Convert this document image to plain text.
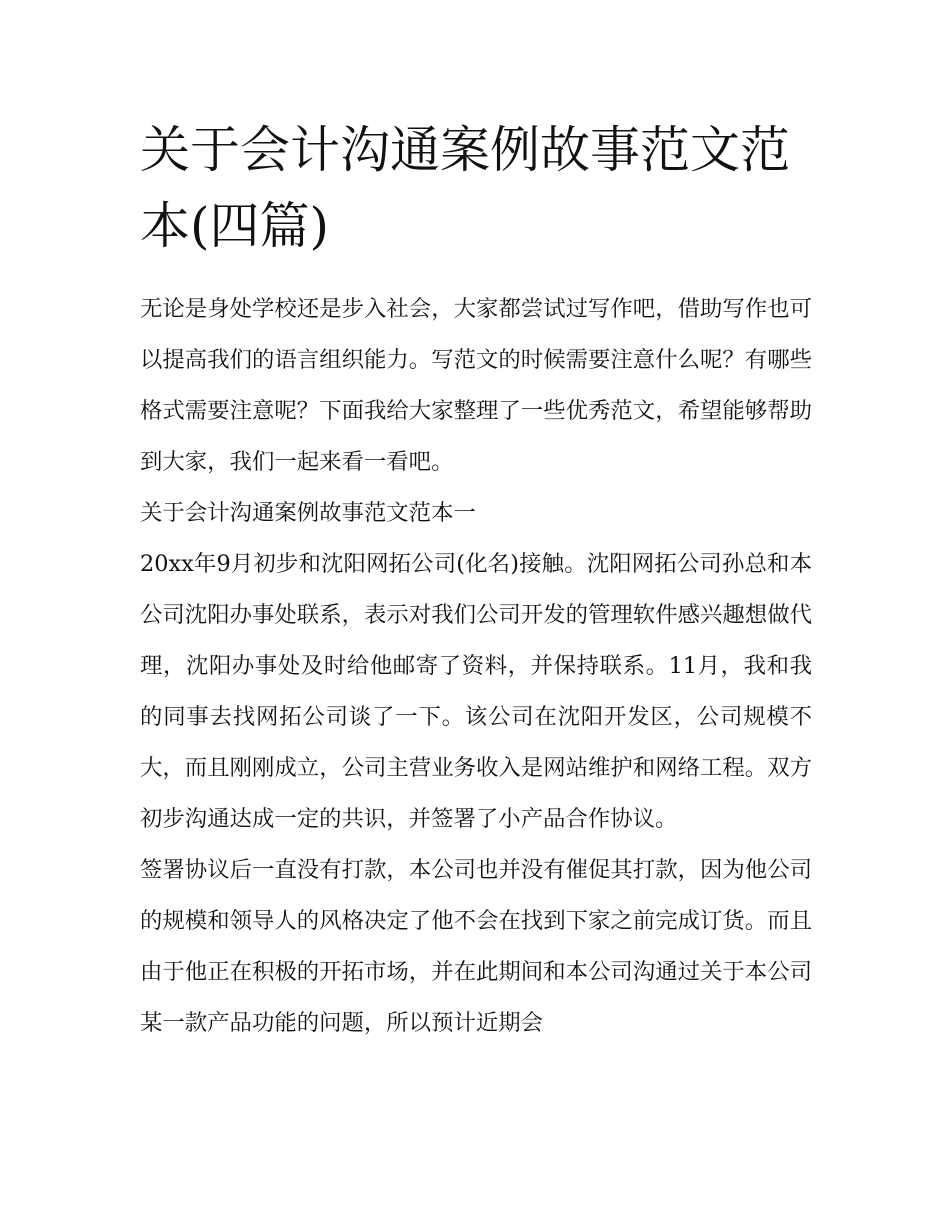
关于会计沟通案例故事范文范本(四篇)

无论是身处学校还是步入社会，大家都尝试过写作吧，借助写作也可以提高我们的语言组织能力。写范文的时候需要注意什么呢？有哪些格式需要注意呢？下面我给大家整理了一些优秀范文，希望能够帮助到大家，我们一起来看一看吧。

关于会计沟通案例故事范文范本一

20xx年9月初步和沈阳网拓公司(化名)接触。沈阳网拓公司孙总和本公司沈阳办事处联系，表示对我们公司开发的管理软件感兴趣想做代理，沈阳办事处及时给他邮寄了资料，并保持联系。11月，我和我的同事去找网拓公司谈了一下。该公司在沈阳开发区，公司规模不大，而且刚刚成立，公司主营业务收入是网站维护和网络工程。双方初步沟通达成一定的共识，并签署了小产品合作协议。

签署协议后一直没有打款，本公司也并没有催促其打款，因为他公司的规模和领导人的风格决定了他不会在找到下家之前完成订货。而且由于他正在积极的开拓市场，并在此期间和本公司沟通过关于本公司某一款产品功能的问题，所以预计近期会
